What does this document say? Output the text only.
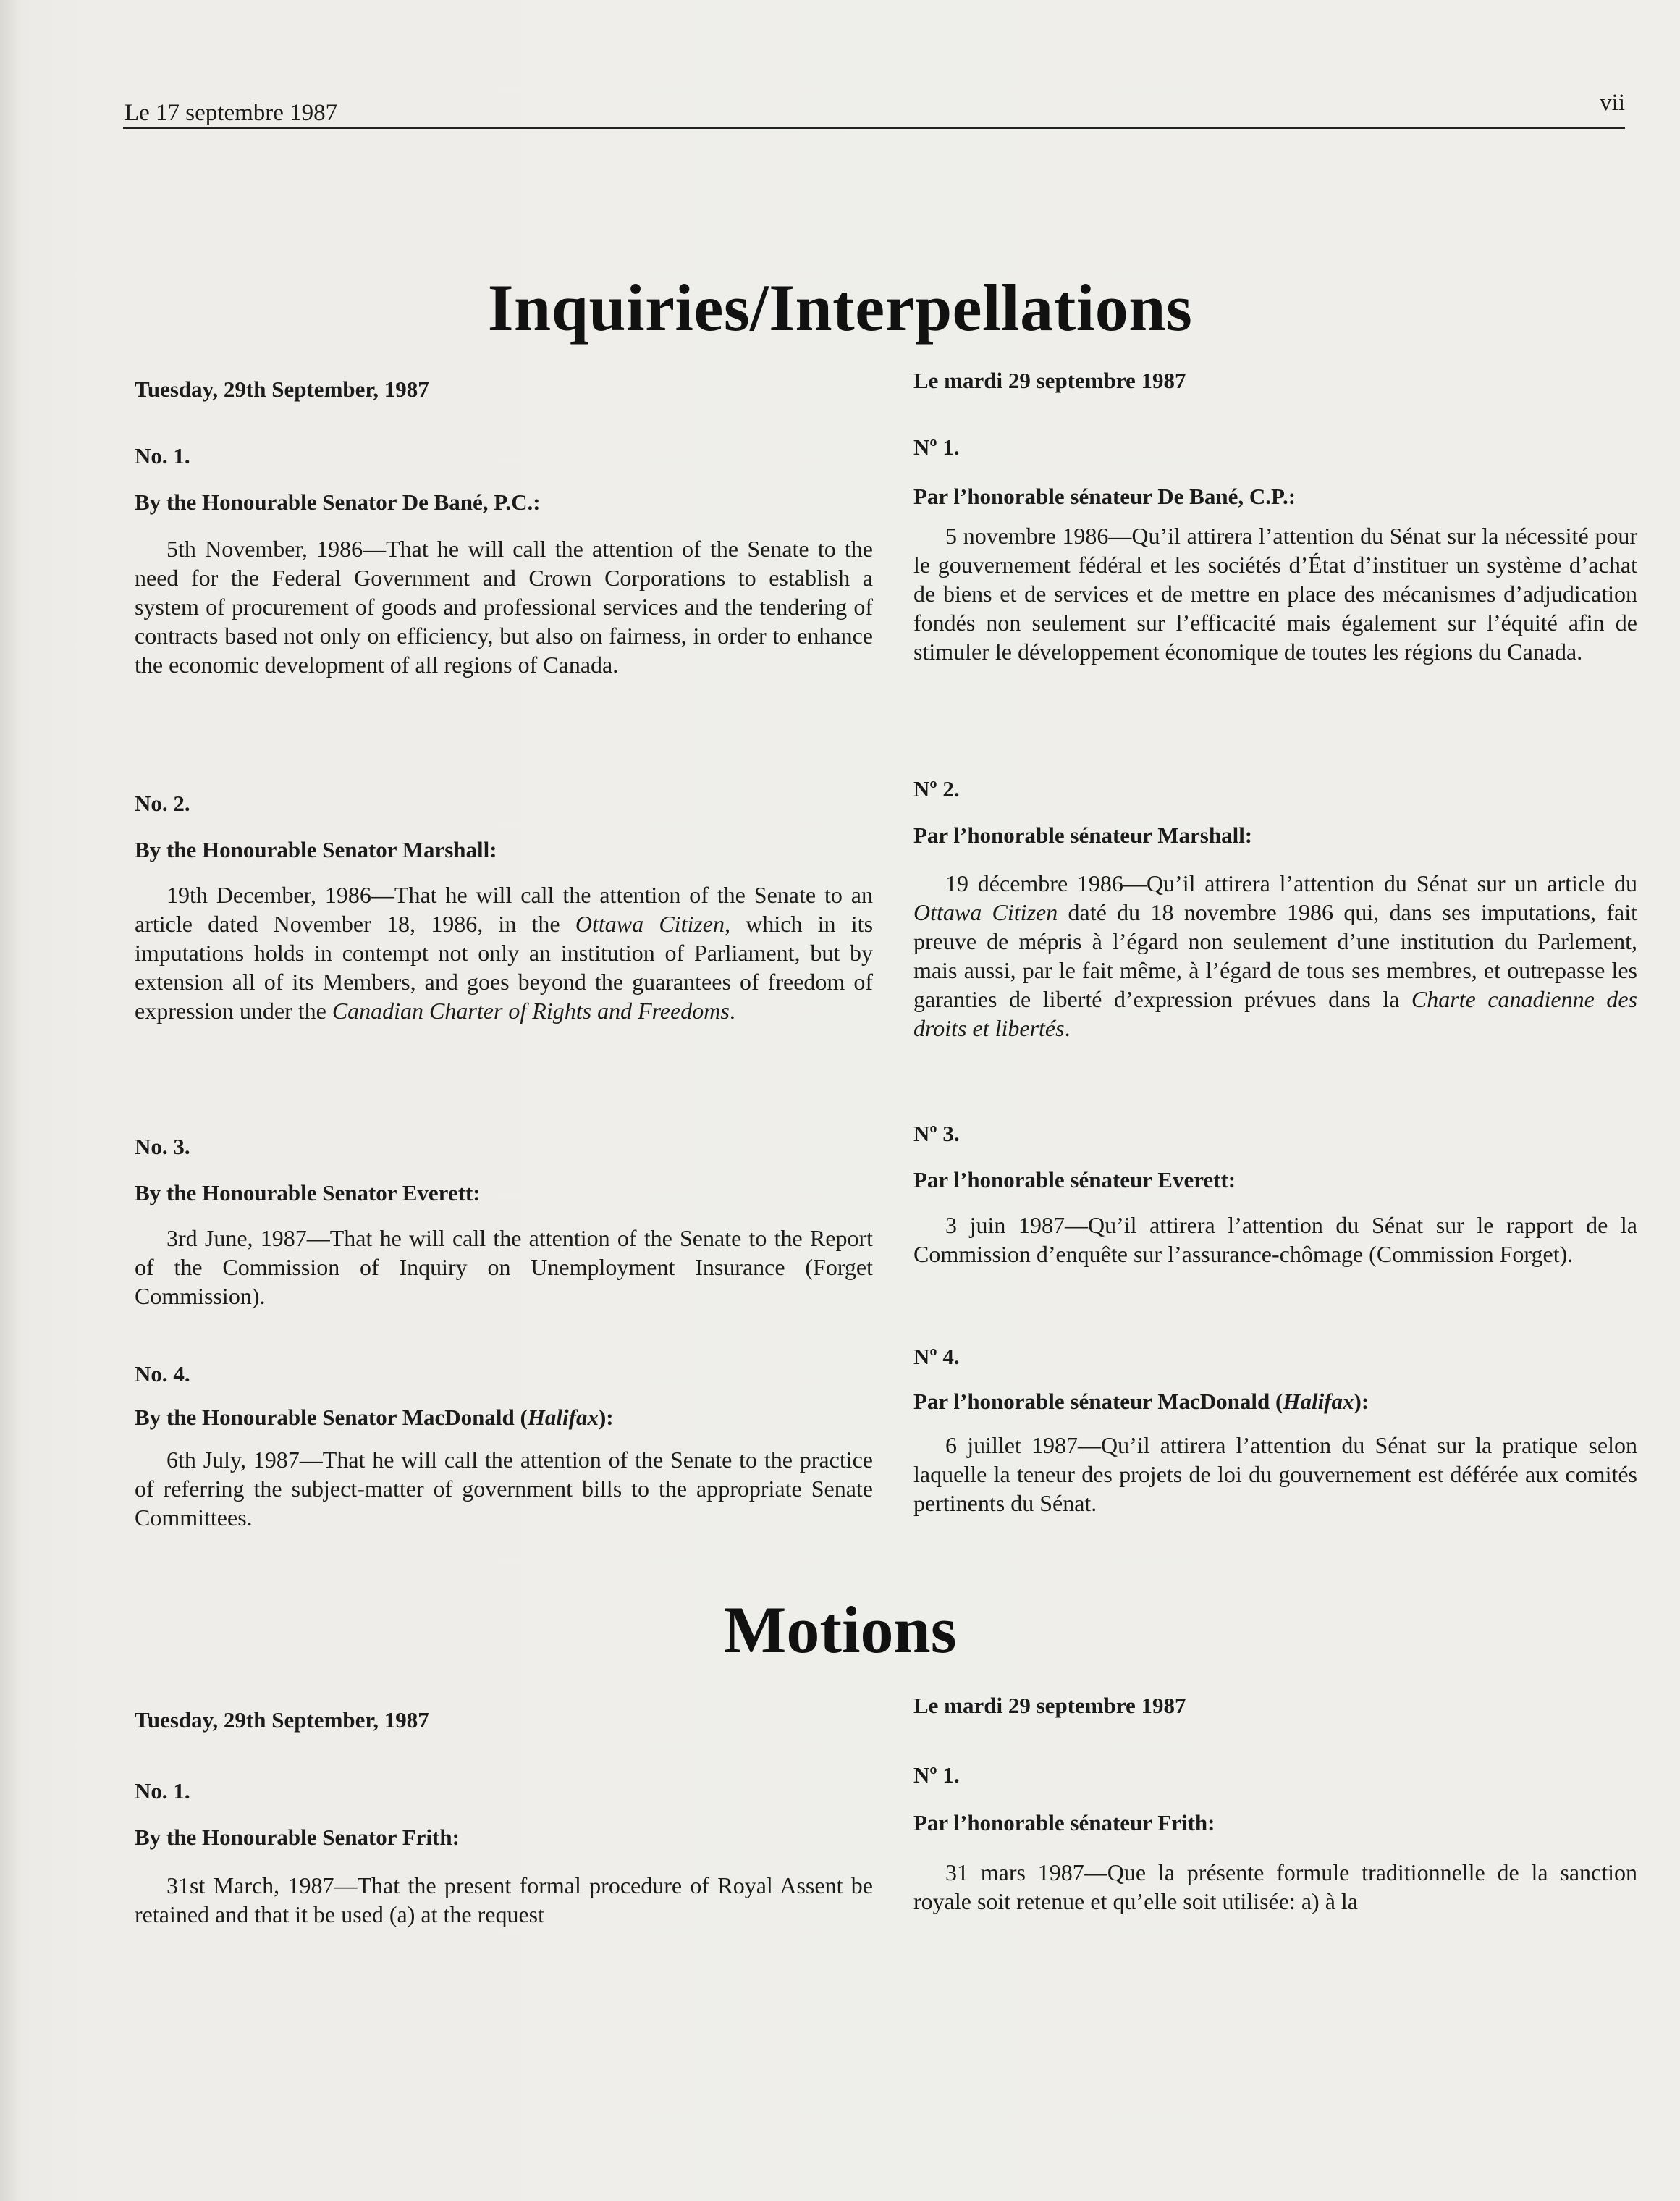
Le 17 septembre 1987	vii
Inquiries/Interpellations
Tuesday, 29th September, 1987
No. 1.
By the Honourable Senator De Bané, P.C.:
5th November, 1986—That he will call the attention of the Senate to the need for the Federal Government and Crown Corporations to establish a system of procurement of goods and professional services and the tendering of contracts based not only on efficiency, but also on fairness, in order to enhance the economic development of all regions of Canada.
No. 2.
By the Honourable Senator Marshall:
19th December, 1986—That he will call the attention of the Senate to an article dated November 18, 1986, in the Ottawa Citizen, which in its imputations holds in contempt not only an institution of Parliament, but by extension all of its Members, and goes beyond the guarantees of freedom of expression under the Canadian Charter of Rights and Freedoms.
No. 3.
By the Honourable Senator Everett:
3rd June, 1987—That he will call the attention of the Senate to the Report of the Commission of Inquiry on Unemployment Insurance (Forget Commission).
No. 4.
By the Honourable Senator MacDonald (Halifax):
6th July, 1987—That he will call the attention of the Senate to the practice of referring the subject-matter of government bills to the appropriate Senate Committees.
Le mardi 29 septembre 1987
Nº 1.
Par l’honorable sénateur De Bané, C.P.:
5 novembre 1986—Qu’il attirera l’attention du Sénat sur la nécessité pour le gouvernement fédéral et les sociétés d’État d’instituer un système d’achat de biens et de services et de mettre en place des mécanismes d’adjudication fondés non seulement sur l’efficacité mais également sur l’équité afin de stimuler le développement économique de toutes les régions du Canada.
Nº 2.
Par l’honorable sénateur Marshall:
19 décembre 1986—Qu’il attirera l’attention du Sénat sur un article du Ottawa Citizen daté du 18 novembre 1986 qui, dans ses imputations, fait preuve de mépris à l’égard non seulement d’une institution du Parlement, mais aussi, par le fait même, à l’égard de tous ses membres, et outrepasse les garanties de liberté d’expression prévues dans la Charte canadienne des droits et libertés.
Nº 3.
Par l’honorable sénateur Everett:
3 juin 1987—Qu’il attirera l’attention du Sénat sur le rapport de la Commission d’enquête sur l’assurance-chômage (Commission Forget).
Nº 4.
Par l’honorable sénateur MacDonald (Halifax):
6 juillet 1987—Qu’il attirera l’attention du Sénat sur la pratique selon laquelle la teneur des projets de loi du gouvernement est déférée aux comités pertinents du Sénat.
Motions
Tuesday, 29th September, 1987
No. 1.
By the Honourable Senator Frith:
31st March, 1987—That the present formal procedure of Royal Assent be retained and that it be used (a) at the request
Le mardi 29 septembre 1987
Nº 1.
Par l’honorable sénateur Frith:
31 mars 1987—Que la présente formule traditionnelle de la sanction royale soit retenue et qu’elle soit utilisée: a) à la
